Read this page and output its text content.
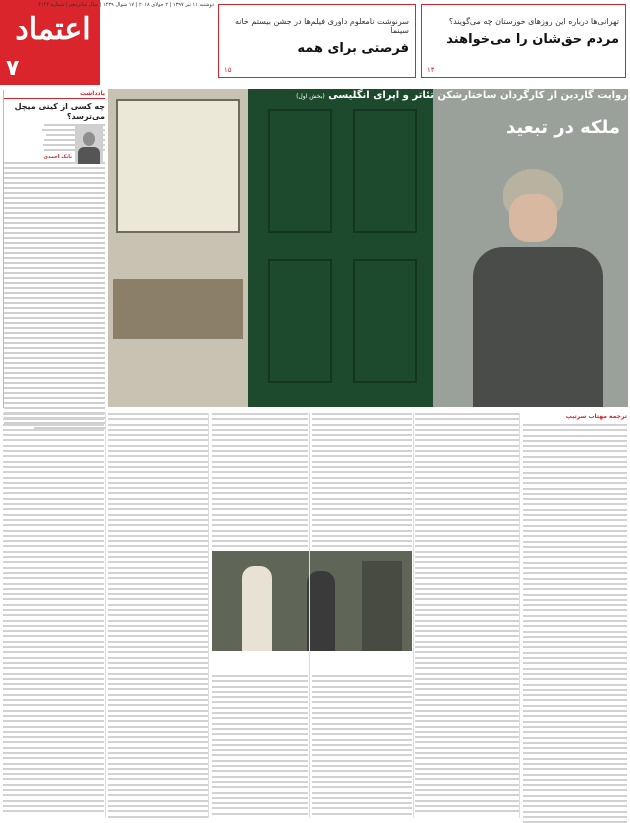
اعتماد
۷
دوشنبه ۱۱ تیر ۱۳۹۷ | ۲ جولای ۲۰۱۸ | ۱۷ شوال ۱۴۳۹ | سال شانزدهم | شماره ۴۱۲۴
سرنوشت نامعلوم داوری فیلم‌ها در جشن بیستم خانه سینما
فرصتی برای همه
۱۵
تهرانی‌ها درباره این روزهای خوزستان چه می‌گویند؟
مردم حق‌شان را می‌خواهند
۱۴
یادداشت
چه کسی از کیتی میچل می‌ترسد؟
بابک احمدی
روایت گاردین از کارگردان ساختارشکن تئاتر و اپرای انگلیسی (بخش اول)
ملکه در تبعید
ترجمه مهتاب سرتیپ
